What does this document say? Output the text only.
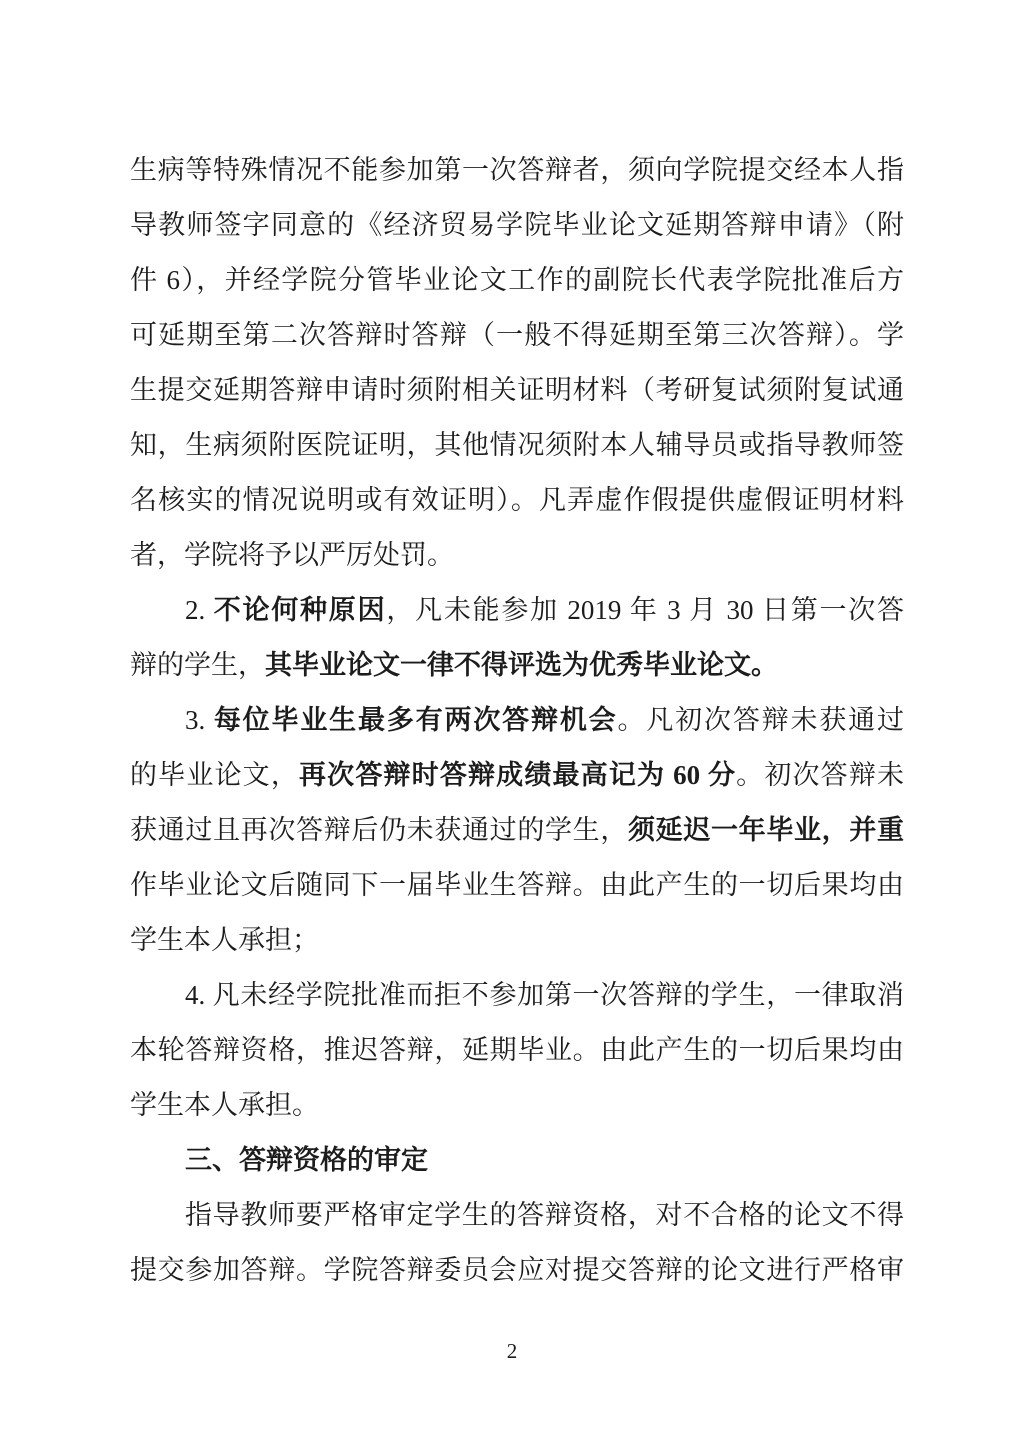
生病等特殊情况不能参加第一次答辩者，须向学院提交经本人指
导教师签字同意的《经济贸易学院毕业论文延期答辩申请》（附
件 6），并经学院分管毕业论文工作的副院长代表学院批准后方
可延期至第二次答辩时答辩（一般不得延期至第三次答辩）。学
生提交延期答辩申请时须附相关证明材料（考研复试须附复试通
知，生病须附医院证明，其他情况须附本人辅导员或指导教师签
名核实的情况说明或有效证明）。凡弄虚作假提供虚假证明材料
者，学院将予以严厉处罚。
2. 不论何种原因，凡未能参加 2019 年 3 月 30 日第一次答
辩的学生，其毕业论文一律不得评选为优秀毕业论文。
3. 每位毕业生最多有两次答辩机会。凡初次答辩未获通过
的毕业论文，再次答辩时答辩成绩最高记为 60 分。初次答辩未
获通过且再次答辩后仍未获通过的学生，须延迟一年毕业，并重
作毕业论文后随同下一届毕业生答辩。由此产生的一切后果均由
学生本人承担；
4. 凡未经学院批准而拒不参加第一次答辩的学生，一律取消
本轮答辩资格，推迟答辩，延期毕业。由此产生的一切后果均由
学生本人承担。
三、答辩资格的审定
指导教师要严格审定学生的答辩资格，对不合格的论文不得
提交参加答辩。学院答辩委员会应对提交答辩的论文进行严格审
2
